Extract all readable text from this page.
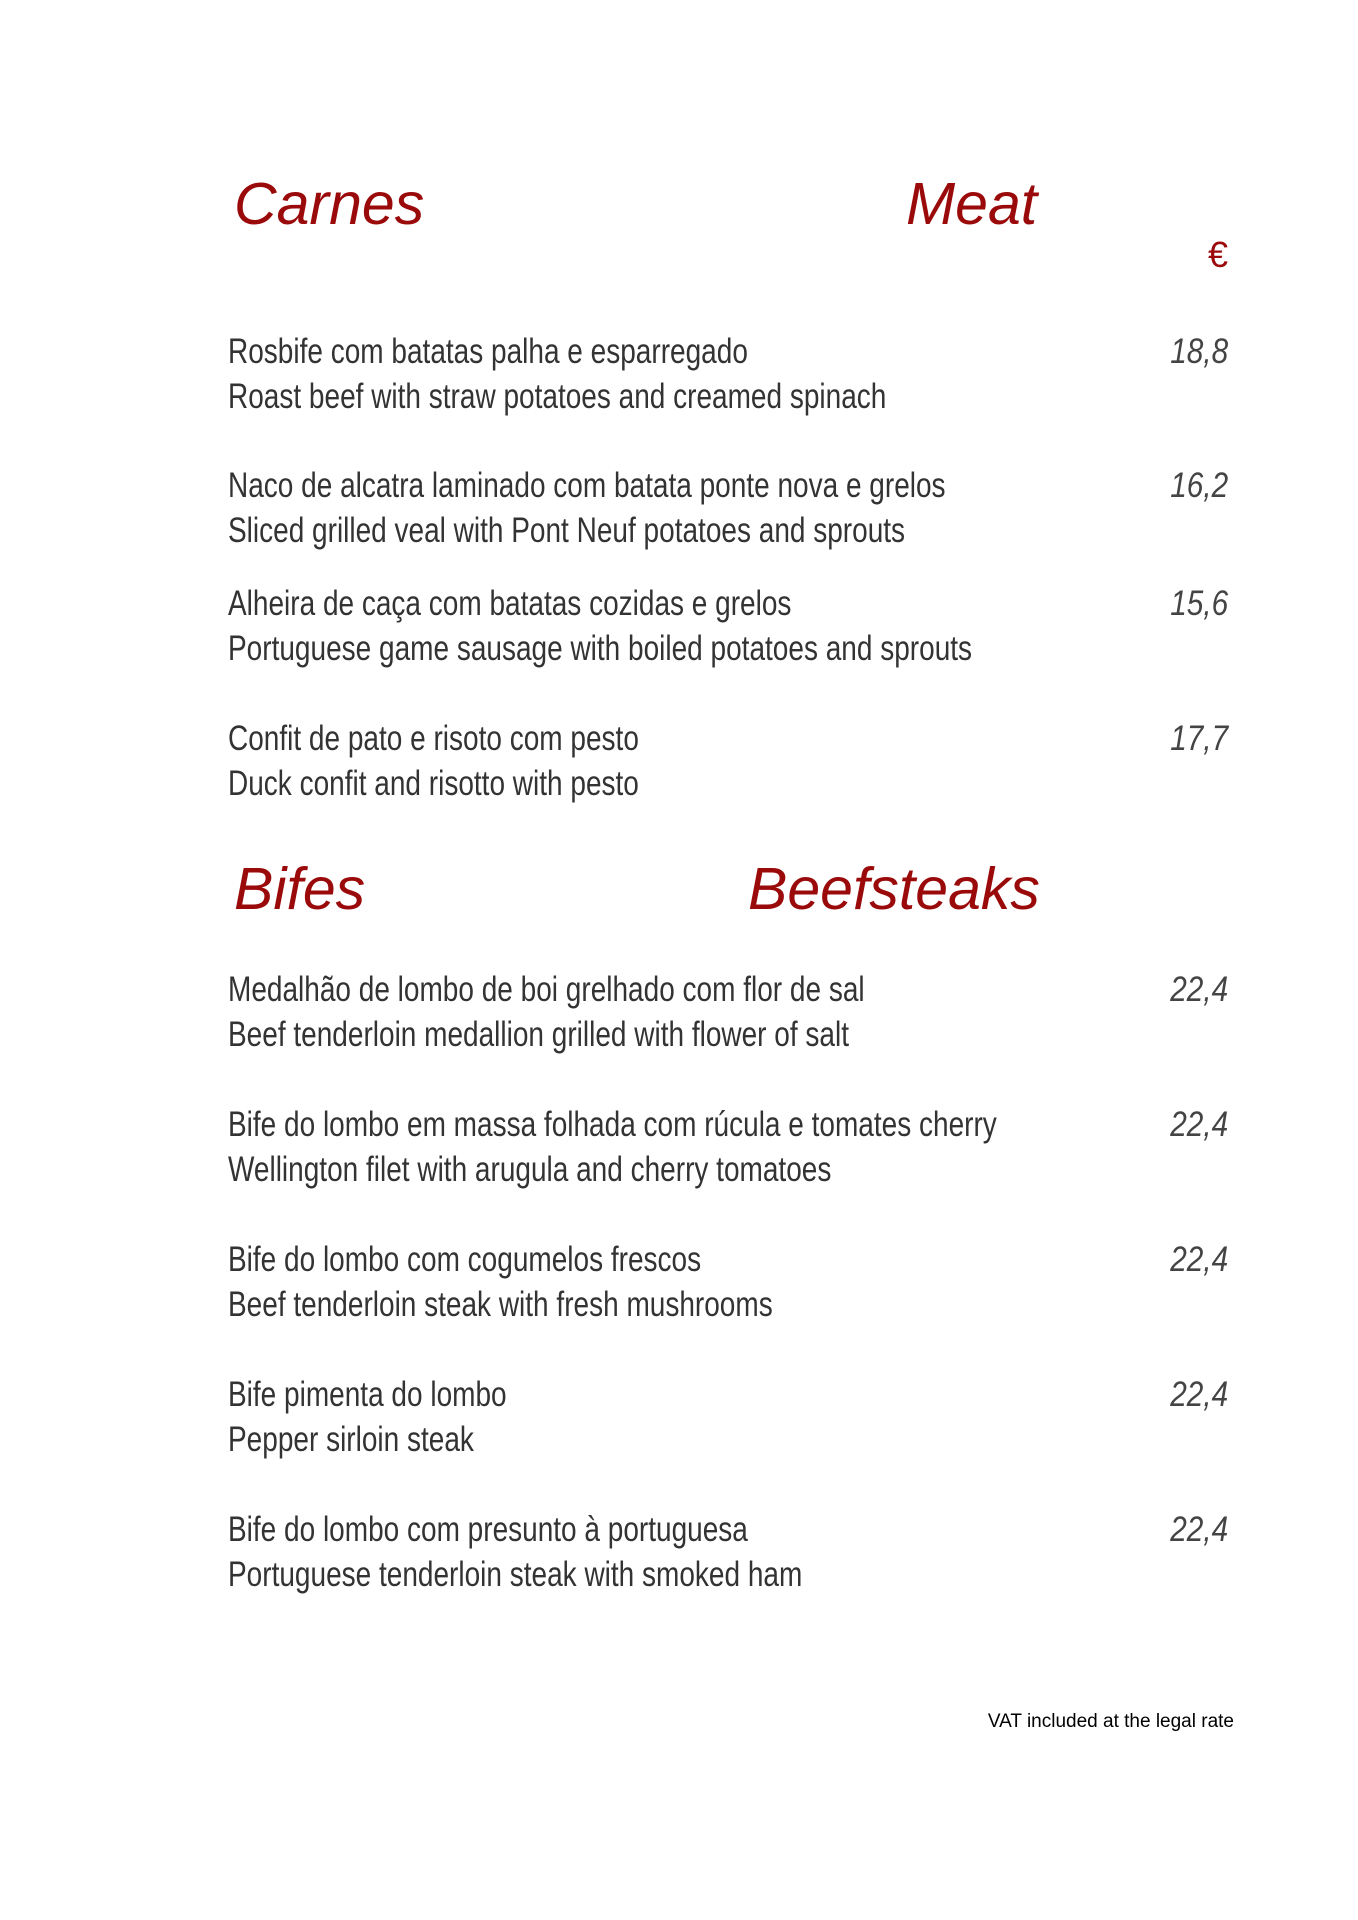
Carnes	Meat
€
Rosbife com batatas palha e esparregado
Roast beef with straw potatoes and creamed spinach
18,8
Naco de alcatra laminado com batata ponte nova e grelos
Sliced grilled veal with Pont Neuf potatoes and sprouts
16,2
Alheira de caça com batatas cozidas e grelos
Portuguese game sausage with boiled potatoes and sprouts
15,6
Confit de pato e risoto com pesto
Duck confit and risotto with pesto
17,7
Bifes	Beefsteaks
Medalhão de lombo de boi grelhado com flor de sal
Beef tenderloin medallion grilled with flower of salt
22,4
Bife do lombo em massa folhada com rúcula e tomates cherry
Wellington filet with arugula and cherry tomatoes
22,4
Bife do lombo com cogumelos frescos
Beef tenderloin steak with fresh mushrooms
22,4
Bife pimenta do lombo
Pepper sirloin steak
22,4
Bife do lombo com presunto à portuguesa
Portuguese tenderloin steak with smoked ham
22,4
VAT included at the legal rate
